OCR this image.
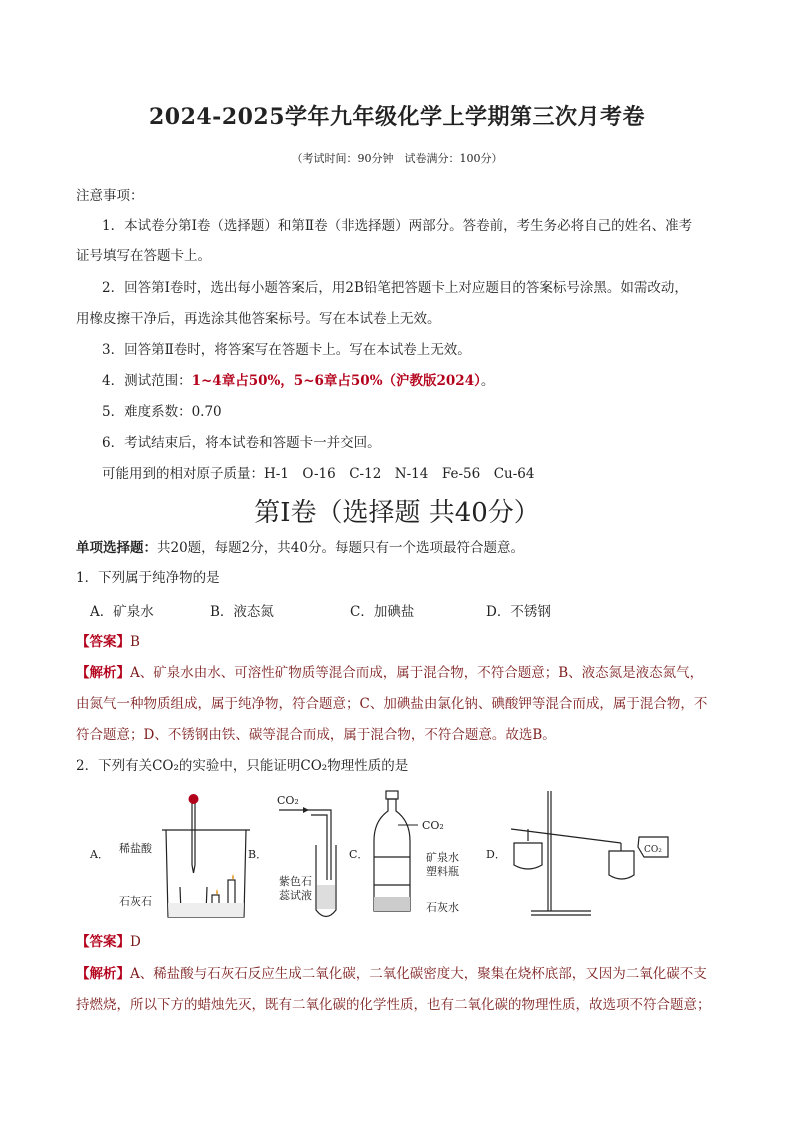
2024-2025学年九年级化学上学期第三次月考卷
（考试时间：90分钟　试卷满分：100分）
注意事项：
1．本试卷分第Ⅰ卷（选择题）和第Ⅱ卷（非选择题）两部分。答卷前，考生务必将自己的姓名、准考
证号填写在答题卡上。
2．回答第Ⅰ卷时，选出每小题答案后，用2B铅笔把答题卡上对应题目的答案标号涂黑。如需改动，
用橡皮擦干净后，再选涂其他答案标号。写在本试卷上无效。
3．回答第Ⅱ卷时，将答案写在答题卡上。写在本试卷上无效。
4．测试范围：1~4章占50%，5~6章占50%（沪教版2024）。
5．难度系数：0.70
6．考试结束后，将本试卷和答题卡一并交回。
可能用到的相对原子质量：H-1　O-16　C-12　N-14　Fe-56　Cu-64
第Ⅰ卷（选择题 共40分）
单项选择题：共20题，每题2分，共40分。每题只有一个选项最符合题意。
1．下列属于纯净物的是
A．矿泉水	B．液态氮	C．加碘盐	D．不锈钢
【答案】B
【解析】A、矿泉水由水、可溶性矿物质等混合而成，属于混合物，不符合题意；B、液态氮是液态氮气，
由氮气一种物质组成，属于纯净物，符合题意；C、加碘盐由氯化钠、碘酸钾等混合而成，属于混合物，不
符合题意；D、不锈钢由铁、碳等混合而成，属于混合物，不符合题意。故选B。
2．下列有关CO₂的实验中，只能证明CO₂物理性质的是
A． 稀盐酸
石灰石
B．
CO₂
紫色石
蕊试液
C．
CO₂
矿泉水
塑料瓶
石灰水
D．	CO₂
【答案】D
【解析】A、稀盐酸与石灰石反应生成二氧化碳，二氧化碳密度大，聚集在烧杯底部，又因为二氧化碳不支
持燃烧，所以下方的蜡烛先灭，既有二氧化碳的化学性质，也有二氧化碳的物理性质，故选项不符合题意；
